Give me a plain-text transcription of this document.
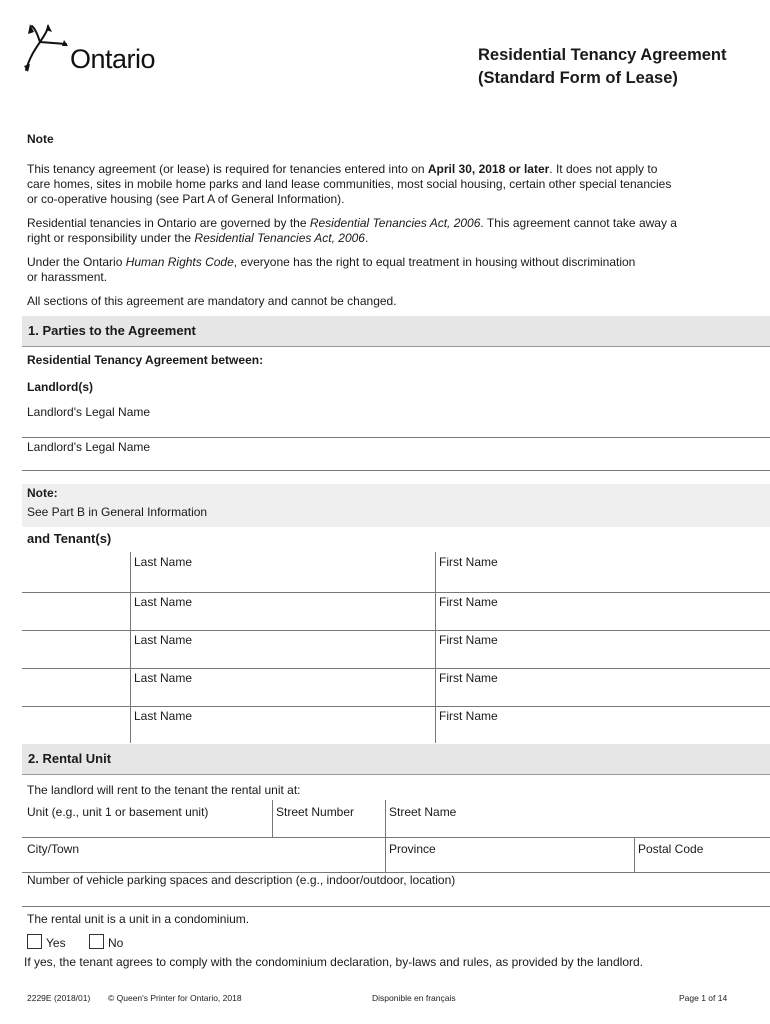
Ontario	Residential Tenancy Agreement
(Standard Form of Lease)
Note
This tenancy agreement (or lease) is required for tenancies entered into on April 30, 2018 or later. It does not apply to
care homes, sites in mobile home parks and land lease communities, most social housing, certain other special tenancies
or co-operative housing (see Part A of General Information).
Residential tenancies in Ontario are governed by the Residential Tenancies Act, 2006. This agreement cannot take away a
right or responsibility under the Residential Tenancies Act, 2006.
Under the Ontario Human Rights Code, everyone has the right to equal treatment in housing without discrimination
or harassment.
All sections of this agreement are mandatory and cannot be changed.
1. Parties to the Agreement
Residential Tenancy Agreement between:
Landlord(s)
Landlord's Legal Name
Landlord's Legal Name
Note:
See Part B in General Information
and Tenant(s)
Last Name	First Name
Last Name	First Name
Last Name	First Name
Last Name	First Name
Last Name	First Name
2. Rental Unit
The landlord will rent to the tenant the rental unit at:
Unit (e.g., unit 1 or basement unit)	Street Number	Street Name
City/Town	Province	Postal Code
Number of vehicle parking spaces and description (e.g., indoor/outdoor, location)
The rental unit is a unit in a condominium.
Yes	No
If yes, the tenant agrees to comply with the condominium declaration, by-laws and rules, as provided by the landlord.
2229E (2018/01) © Queen's Printer for Ontario, 2018	Disponible en français	Page 1 of 14
